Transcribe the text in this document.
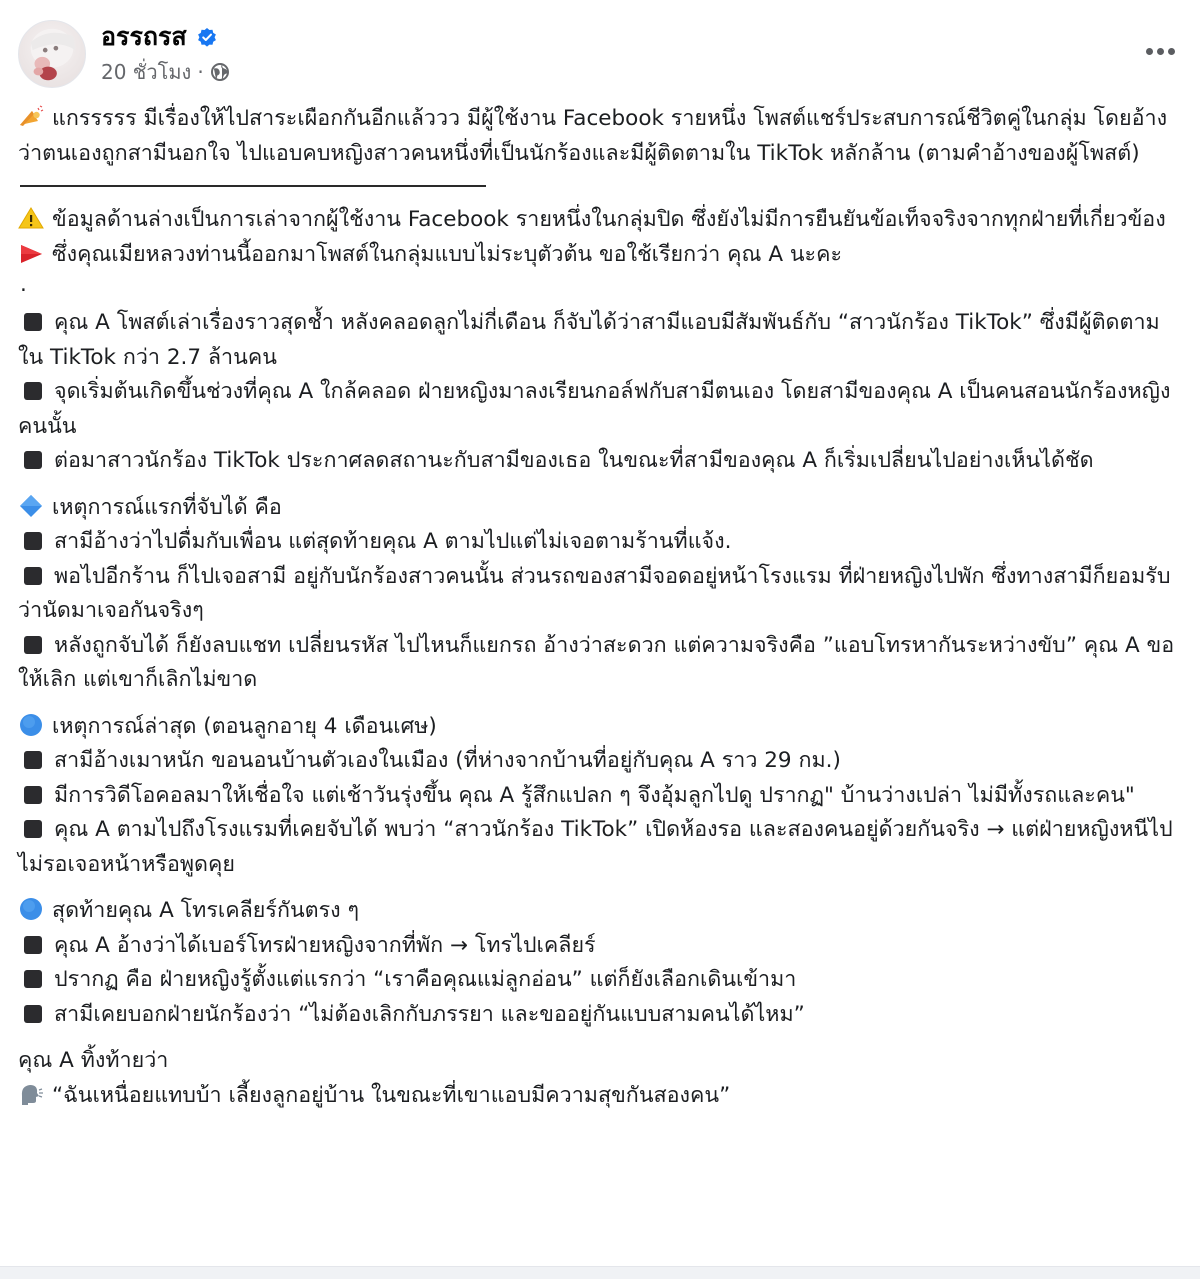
อรรถรส
20 ชั่วโมง ·
แกรรรรร มีเรื่องให้ไปสาระเผือกกันอีกแล้ววว มีผู้ใช้งาน Facebook รายหนึ่ง โพสต์แชร์ประสบการณ์ชีวิตคู่ในกลุ่ม โดยอ้างว่าตนเองถูกสามีนอกใจ ไปแอบคบหญิงสาวคนหนึ่งที่เป็นนักร้องและมีผู้ติดตามใน TikTok หลักล้าน (ตามคำอ้างของผู้โพสต์)
ข้อมูลด้านล่างเป็นการเล่าจากผู้ใช้งาน Facebook รายหนึ่งในกลุ่มปิด ซึ่งยังไม่มีการยืนยันข้อเท็จจริงจากทุกฝ่ายที่เกี่ยวข้อง
ซึ่งคุณเมียหลวงท่านนี้ออกมาโพสต์ในกลุ่มแบบไม่ระบุตัวต้น ขอใช้เรียกว่า คุณ A นะคะ
.
คุณ A โพสต์เล่าเรื่องราวสุดช้ำ หลังคลอดลูกไม่กี่เดือน ก็จับได้ว่าสามีแอบมีสัมพันธ์กับ “สาวนักร้อง TikTok” ซึ่งมีผู้ติดตามใน TikTok กว่า 2.7 ล้านคน
จุดเริ่มต้นเกิดขึ้นช่วงที่คุณ A ใกล้คลอด ฝ่ายหญิงมาลงเรียนกอล์ฟกับสามีตนเอง โดยสามีของคุณ A เป็นคนสอนนักร้องหญิงคนนั้น
ต่อมาสาวนักร้อง TikTok ประกาศลดสถานะกับสามีของเธอ ในขณะที่สามีของคุณ A ก็เริ่มเปลี่ยนไปอย่างเห็นได้ชัด
เหตุการณ์แรกที่จับได้ คือ
สามีอ้างว่าไปดื่มกับเพื่อน แต่สุดท้ายคุณ A ตามไปแต่ไม่เจอตามร้านที่แจ้ง.
พอไปอีกร้าน ก็ไปเจอสามี อยู่กับนักร้องสาวคนนั้น ส่วนรถของสามีจอดอยู่หน้าโรงแรม ที่ฝ่ายหญิงไปพัก ซึ่งทางสามีก็ยอมรับว่านัดมาเจอกันจริงๆ
หลังถูกจับได้ ก็ยังลบแชท เปลี่ยนรหัส ไปไหนก็แยกรถ อ้างว่าสะดวก แต่ความจริงคือ ”แอบโทรหากันระหว่างขับ” คุณ A ขอให้เลิก แต่เขาก็เลิกไม่ขาด
เหตุการณ์ล่าสุด (ตอนลูกอายุ 4 เดือนเศษ)
สามีอ้างเมาหนัก ขอนอนบ้านตัวเองในเมือง (ที่ห่างจากบ้านที่อยู่กับคุณ A ราว 29 กม.)
มีการวิดีโอคอลมาให้เชื่อใจ แต่เช้าวันรุ่งขึ้น คุณ A รู้สึกแปลก ๆ จึงอุ้มลูกไปดู ปรากฏ" บ้านว่างเปล่า ไม่มีทั้งรถและคน"
คุณ A ตามไปถึงโรงแรมที่เคยจับได้ พบว่า “สาวนักร้อง TikTok” เปิดห้องรอ และสองคนอยู่ด้วยกันจริง → แต่ฝ่ายหญิงหนีไป ไม่รอเจอหน้าหรือพูดคุย
สุดท้ายคุณ A โทรเคลียร์กันตรง ๆ
คุณ A อ้างว่าได้เบอร์โทรฝ่ายหญิงจากที่พัก → โทรไปเคลียร์
ปรากฏ คือ ฝ่ายหญิงรู้ตั้งแต่แรกว่า “เราคือคุณแม่ลูกอ่อน” แต่ก็ยังเลือกเดินเข้ามา
สามีเคยบอกฝ่ายนักร้องว่า “ไม่ต้องเลิกกับภรรยา และขออยู่กันแบบสามคนได้ไหม”
คุณ A ทิ้งท้ายว่า
“ฉันเหนื่อยแทบบ้า เลี้ยงลูกอยู่บ้าน ในขณะที่เขาแอบมีความสุขกันสองคน”
